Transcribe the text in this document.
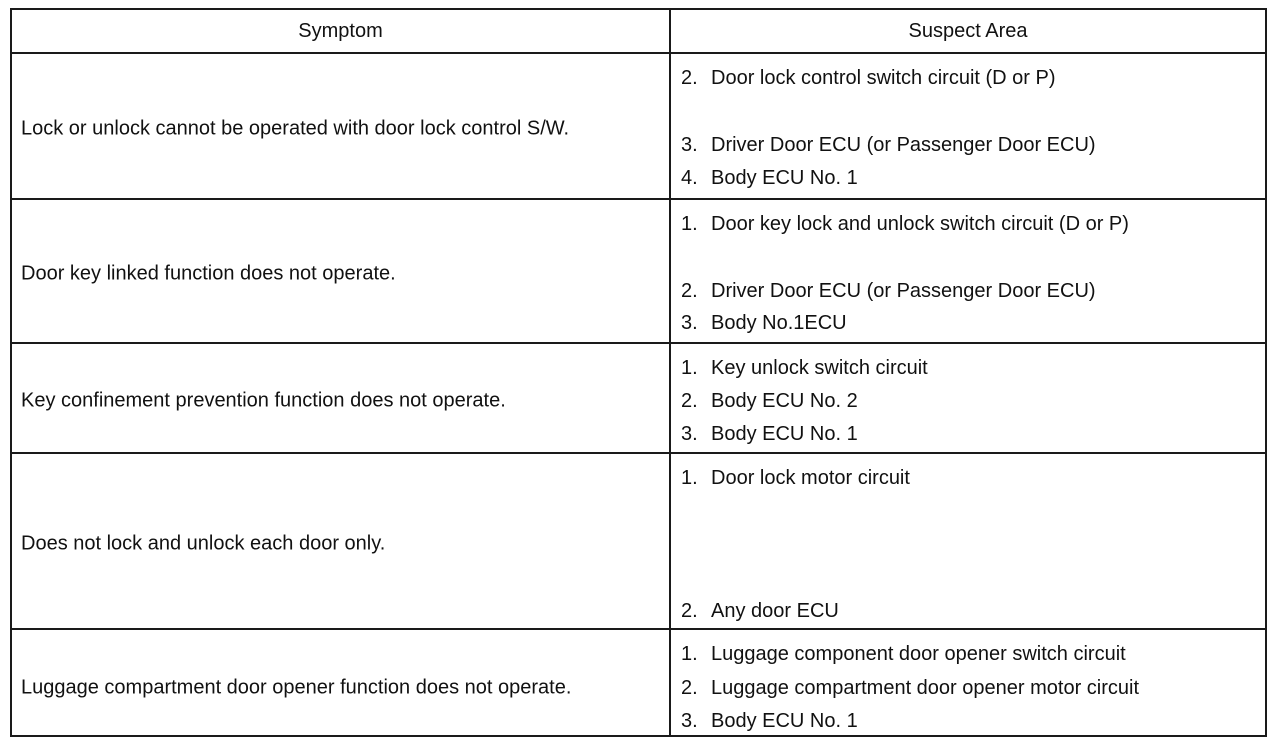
Symptom	Suspect Area
Lock or unlock cannot be operated with door lock control S/W.
2. Door lock control switch circuit (D or P)
3. Driver Door ECU (or Passenger Door ECU)
4. Body ECU No. 1
Door key linked function does not operate.
1. Door key lock and unlock switch circuit (D or P)
2. Driver Door ECU (or Passenger Door ECU)
3. Body No.1ECU
Key confinement prevention function does not operate.
1. Key unlock switch circuit
2. Body ECU No. 2
3. Body ECU No. 1
Does not lock and unlock each door only.
1. Door lock motor circuit
2. Any door ECU
Luggage compartment door opener function does not operate.
1. Luggage component door opener switch circuit
2. Luggage compartment door opener motor circuit
3. Body ECU No. 1
